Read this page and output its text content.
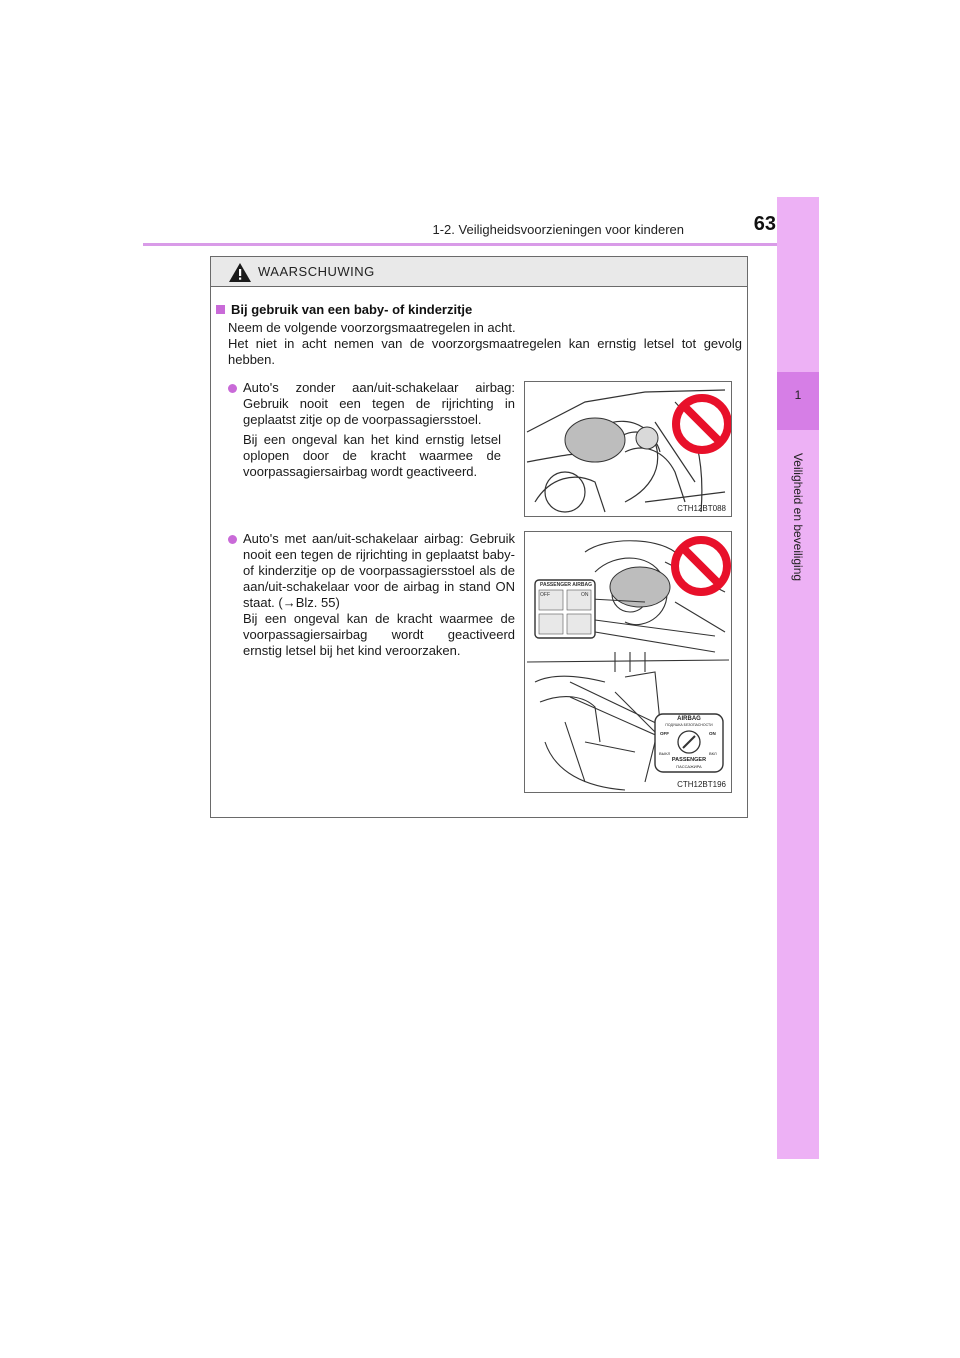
1-2. Veiligheidsvoorzieningen voor kinderen	63
1
Veiligheid en beveiliging
WAARSCHUWING
Bij gebruik van een baby- of kinderzitje
Neem de volgende voorzorgsmaatregelen in acht.
Het niet in acht nemen van de voorzorgsmaatregelen kan ernstig letsel tot gevolg hebben.
Auto's zonder aan/uit-schakelaar airbag: Gebruik nooit een tegen de rijrichting in geplaatst zitje op de voorpassagiersstoel.
Bij een ongeval kan het kind ernstig letsel oplopen door de kracht waarmee de voorpassagiersairbag wordt geactiveerd.
Auto's met aan/uit-schakelaar airbag: Gebruik nooit een tegen de rijrichting in geplaatst baby- of kinderzitje op de voorpassagiersstoel als de aan/uit-schakelaar voor de airbag in stand ON staat. (→Blz. 55)
Bij een ongeval kan de kracht waarmee de voorpassagiersairbag wordt geactiveerd ernstig letsel bij het kind veroorzaken.
CTH12BT088
PASSENGER AIRBAG
OFF	ON
AIRBAG
ПОДУШКА БЕЗОПАСНОСТИ
OFF	ON
ВЫКЛ	ВКЛ
PASSENGER
ПАССАЖИРА
CTH12BT196
